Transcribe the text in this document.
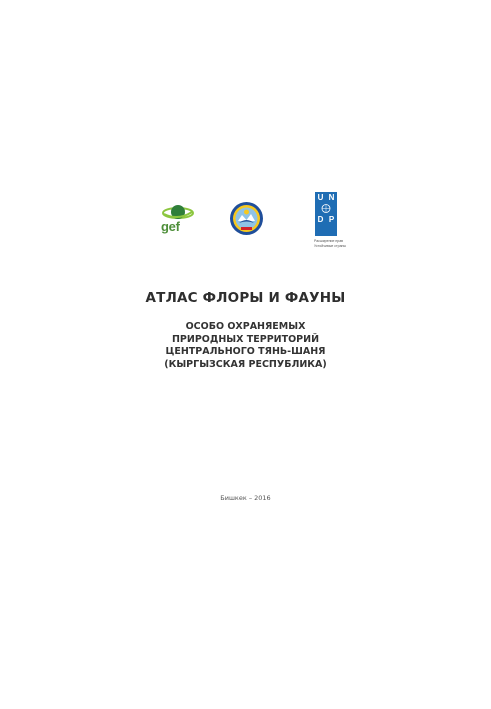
gef
U N
D P
Расширение прав
Устойчивые страны
АТЛАС ФЛОРЫ И ФАУНЫ
ОСОБО ОХРАНЯЕМЫХ
ПРИРОДНЫХ ТЕРРИТОРИЙ
ЦЕНТРАЛЬНОГО ТЯНЬ-ШАНЯ
(КЫРГЫЗСКАЯ РЕСПУБЛИКА)
Бишкек – 2016
